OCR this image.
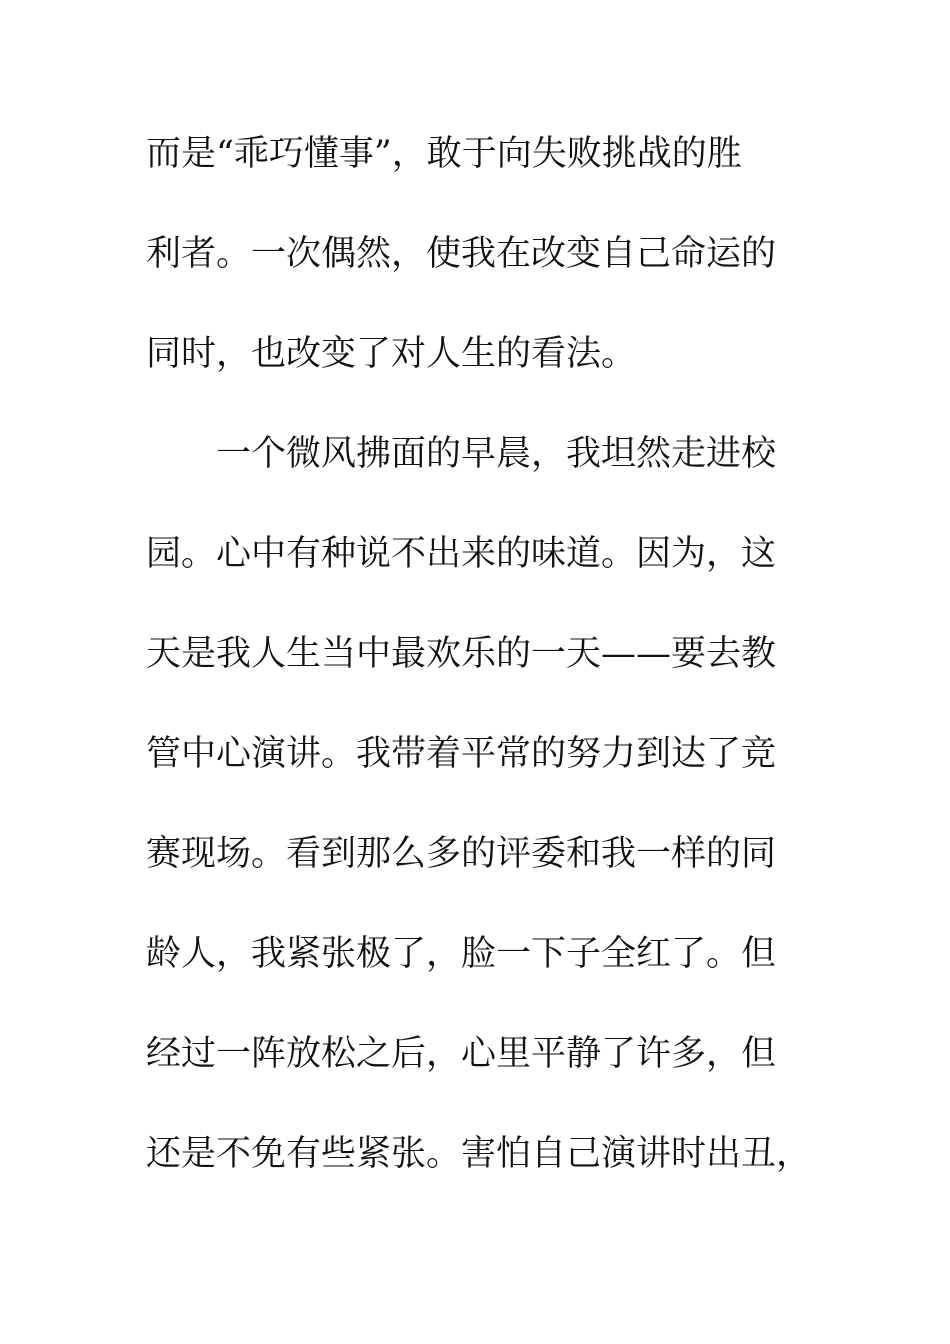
而是“乖巧懂事”，敢于向失败挑战的胜
利者。一次偶然，使我在改变自己命运的
同时，也改变了对人生的看法。
一个微风拂面的早晨，我坦然走进校
园。心中有种说不出来的味道。因为，这
天是我人生当中最欢乐的一天——要去教
管中心演讲。我带着平常的努力到达了竞
赛现场。看到那么多的评委和我一样的同
龄人，我紧张极了，脸一下子全红了。但
经过一阵放松之后，心里平静了许多，但
还是不免有些紧张。害怕自己演讲时出丑，
